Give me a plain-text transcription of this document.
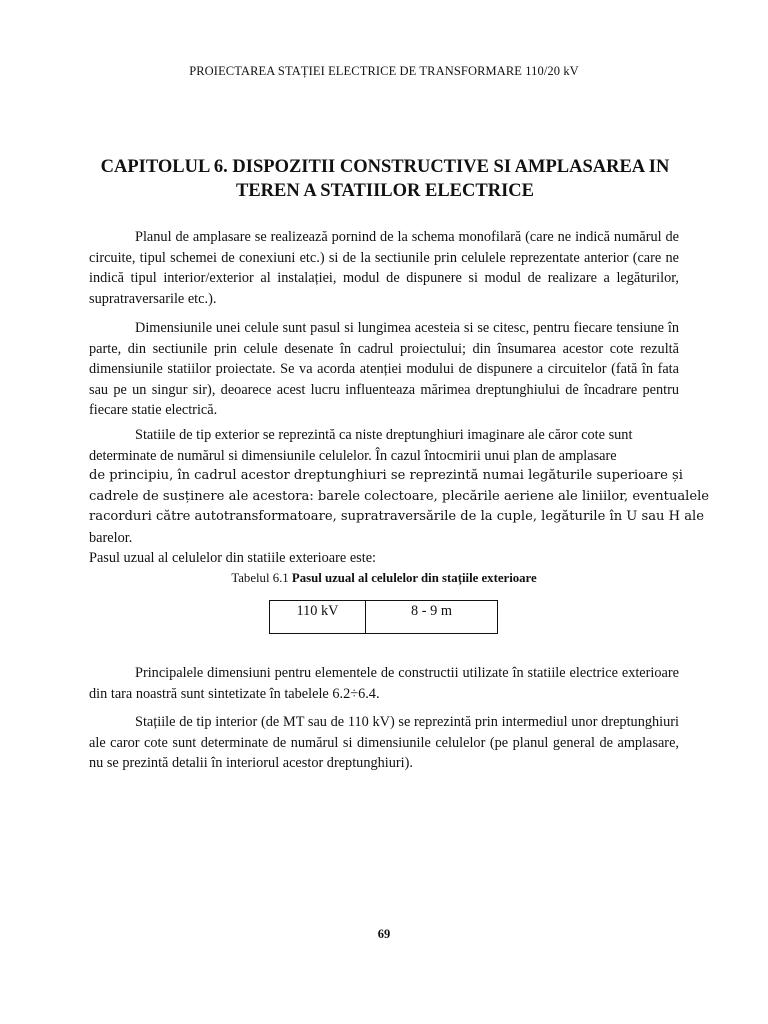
PROIECTAREA STAȚIEI ELECTRICE DE TRANSFORMARE 110/20 kV
CAPITOLUL 6. DISPOZITII CONSTRUCTIVE SI AMPLASAREA IN
TEREN A STATIILOR ELECTRICE

Planul de amplasare se realizează pornind de la schema monofilară (care ne indică numărul de circuite, tipul schemei de conexiuni etc.) si de la sectiunile prin celulele reprezentate anterior (care ne indică tipul interior/exterior al instalației, modul de dispunere si modul de realizare a legăturilor, supratraversarile etc.).

Dimensiunile unei celule sunt pasul si lungimea acesteia si se citesc, pentru fiecare tensiune în parte, din sectiunile prin celule desenate în cadrul proiectului; din însumarea acestor cote rezultă dimensiunile statiilor proiectate. Se va acorda atenției modului de dispunere a circuitelor (fată în fata sau pe un singur sir), deoarece acest lucru influenteaza mărimea dreptunghiului de încadrare pentru fiecare statie electrică.

Statiile de tip exterior se reprezintă ca niste dreptunghiuri imaginare ale căror cote sunt
determinate de numărul si dimensiunile celulelor. În cazul întocmirii unui plan de amplasare
de principiu, în cadrul acestor dreptunghiuri se reprezintă numai legăturile superioare și
cadrele de susținere ale acestora: barele colectoare, plecările aeriene ale liniilor, eventualele
racorduri către autotransformatoare, supratraversările de la cuple, legăturile în U sau H ale
barelor.
Pasul uzual al celulelor din statiile exterioare este:
Tabelul 6.1 Pasul uzual al celulelor din stațiile exterioare
110 kV	8 - 9 m

Principalele dimensiuni pentru elementele de constructii utilizate în statiile electrice exterioare din tara noastră sunt sintetizate în tabelele 6.2÷6.4.

Stațiile de tip interior (de MT sau de 110 kV) se reprezintă prin intermediul unor dreptunghiuri ale caror cote sunt determinate de numărul si dimensiunile celulelor (pe planul general de amplasare, nu se prezintă detalii în interiorul acestor dreptunghiuri).

69
